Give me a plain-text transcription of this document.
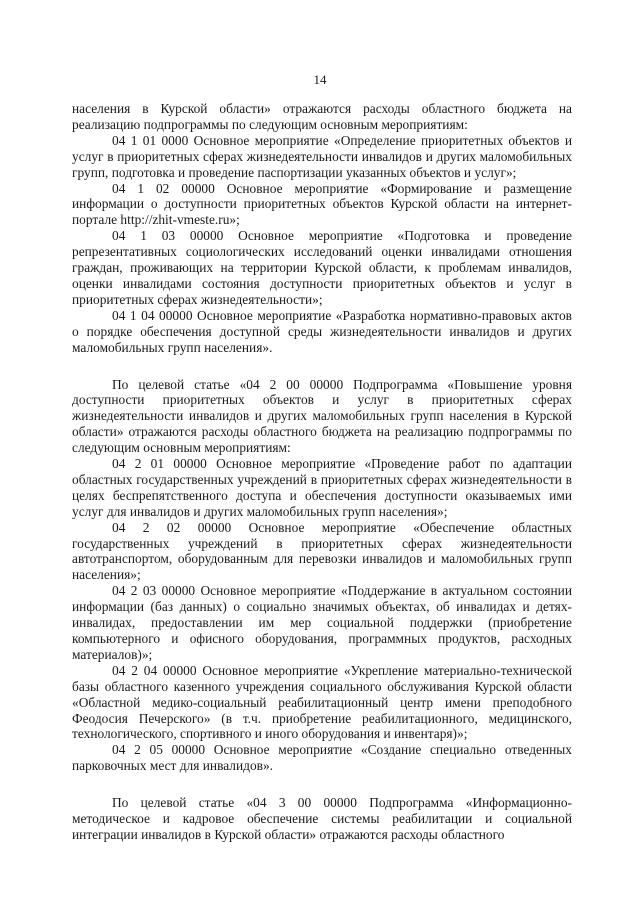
14

населения в Курской области» отражаются расходы областного бюджета на реализацию подпрограммы по следующим основным мероприятиям:

04 1 01 0000 Основное мероприятие «Определение приоритетных объектов и услуг в приоритетных сферах жизнедеятельности инвалидов и других маломобильных групп, подготовка и проведение паспортизации указанных объектов и услуг»;

04 1 02 00000 Основное мероприятие «Формирование и размещение информации о доступности приоритетных объектов Курской области на интернет-портале http://zhit-vmeste.ru»;

04 1 03 00000 Основное мероприятие «Подготовка и проведение репрезентативных социологических исследований оценки инвалидами отношения граждан, проживающих на территории Курской области, к проблемам инвалидов, оценки инвалидами состояния доступности приоритетных объектов и услуг в приоритетных сферах жизнедеятельности»;

04 1 04 00000 Основное мероприятие «Разработка нормативно-правовых актов о порядке обеспечения доступной среды жизнедеятельности инвалидов и других маломобильных групп населения».

По целевой статье «04 2 00 00000 Подпрограмма «Повышение уровня доступности приоритетных объектов и услуг в приоритетных сферах жизнедеятельности инвалидов и других маломобильных групп населения в Курской области» отражаются расходы областного бюджета на реализацию подпрограммы по следующим основным мероприятиям:

04 2 01 00000 Основное мероприятие «Проведение работ по адаптации областных государственных учреждений в приоритетных сферах жизнедеятельности в целях беспрепятственного доступа и обеспечения доступности оказываемых ими услуг для инвалидов и других маломобильных групп населения»;

04 2 02 00000 Основное мероприятие «Обеспечение областных государственных учреждений в приоритетных сферах жизнедеятельности автотранспортом, оборудованным для перевозки инвалидов и маломобильных групп населения»;

04 2 03 00000 Основное мероприятие «Поддержание в актуальном состоянии информации (баз данных) о социально значимых объектах, об инвалидах и детях-инвалидах, предоставлении им мер социальной поддержки (приобретение компьютерного и офисного оборудования, программных продуктов, расходных материалов)»;

04 2 04 00000 Основное мероприятие «Укрепление материально-технической базы областного казенного учреждения социального обслуживания Курской области «Областной медико-социальный реабилитационный центр имени преподобного Феодосия Печерского» (в т.ч. приобретение реабилитационного, медицинского, технологического, спортивного и иного оборудования и инвентаря)»;

04 2 05 00000 Основное мероприятие «Создание специально отведенных парковочных мест для инвалидов».

По целевой статье «04 3 00 00000 Подпрограмма «Информационно-методическое и кадровое обеспечение системы реабилитации и социальной интеграции инвалидов в Курской области» отражаются расходы областного
